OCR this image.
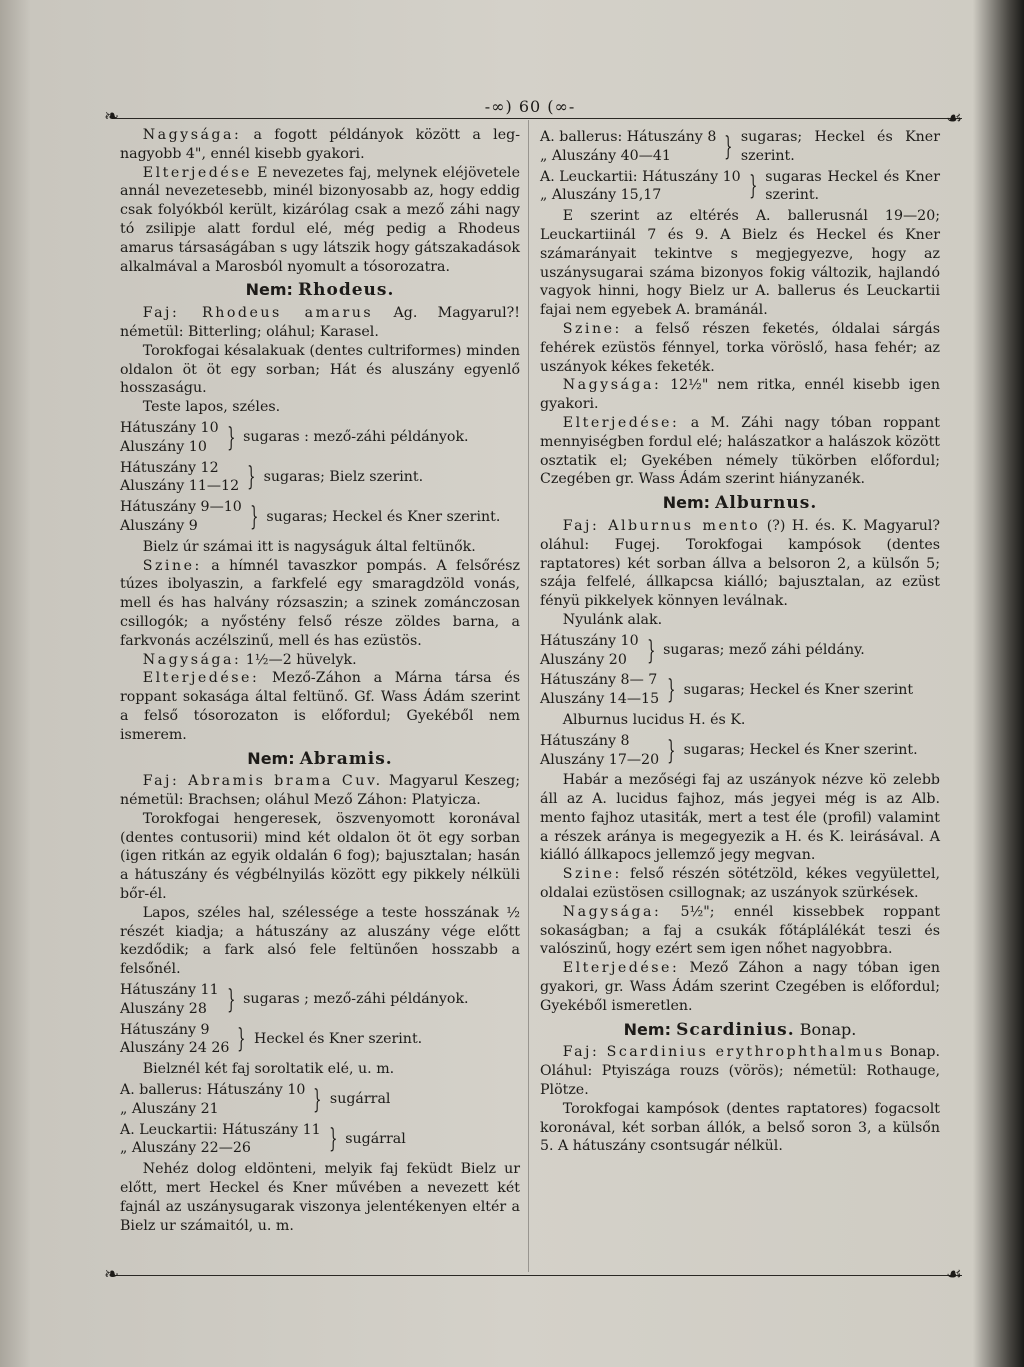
-∞) 60 (∞-
❧	☙
❧	☙

Nagysága: a fogott példányok között a leg-nagyobb 4", ennél kisebb gyakori.

Elterjedése E nevezetes faj, melynek eléjövetele annál nevezetesebb, minél bizonyosabb az, hogy eddig csak folyókból került, kizárólag csak a mező záhi nagy tó zsilipje alatt fordul elé, még pedig a Rhodeus amarus társaságában s ugy látszik hogy gátszakadások alkalmával a Marosból nyomult a tósorozatra.

Nem: Rhodeus.

Faj: Rhodeus amarus Ag. Magyarul?! németül: Bitterling; oláhul; Karasel.

Torokfogai késalakuak (dentes cultriformes) minden oldalon öt öt egy sorban; Hát és aluszány egyenlő hosszaságu.

Teste lapos, széles.

Hátuszány 10
Aluszány 10 } sugaras : mező-záhi példányok.
Hátuszány 12
Aluszány 11—12 } sugaras; Bielz szerint.
Hátuszány 9—10
Aluszány 9	} sugaras; Heckel és Kner szerint.

Bielz úr számai itt is nagyságuk által feltünők.

Szine: a hímnél tavaszkor pompás. A felsőrész túzes ibolyaszin, a farkfelé egy smaragdzöld vonás, mell és has halvány rózsaszin; a szinek zománczosan csillogók; a nyőstény felső része zöldes barna, a farkvonás aczélszinű, mell és has ezüstös.

Nagysága: 1½—2 hüvelyk.

Elterjedése: Mező-Záhon a Márna társa és roppant sokasága által feltünő. Gf. Wass Ádám szerint a felső tósorozaton is előfordul; Gyekéből nem ismerem.

Nem: Abramis.

Faj: Abramis brama Cuv. Magyarul Keszeg; németül: Brachsen; oláhul Mező Záhon: Platyicza.

Torokfogai hengeresek, öszvenyomott koronával (dentes contusorii) mind két oldalon öt öt egy sorban (igen ritkán az egyik oldalán 6 fog); bajusztalan; hasán a hátuszány és végbélnyilás között egy pikkely nélküli bőr-él.

Lapos, széles hal, szélessége a teste hosszának ½ részét kiadja; a hátuszány az aluszány vége előtt kezdődik; a fark alsó fele feltünően hosszabb a felsőnél.

Hátuszány 11
Aluszány 28 } sugaras ; mező-záhi példányok.
Hátuszány 9
Aluszány 24 26 } Heckel és Kner szerint.

Bielznél két faj soroltatik elé, u. m.

A. ballerus: Hátuszány 10
„ Aluszány 21	} sugárral
A. Leuckartii: Hátuszány 11
„ Aluszány 22—26	} sugárral

Nehéz dolog eldönteni, melyik faj feküdt Bielz ur előtt, mert Heckel és Kner művében a nevezett két fajnál az uszánysugarak viszonya jelentékenyen eltér a Bielz ur számaitól, u. m.

A. ballerus: Hátuszány 8
„ Aluszány 40—41	} sugaras; Heckel és Kner szerint.
A. Leuckartii: Hátuszány 10
„ Aluszány 15,17	} sugaras Heckel és Kner szerint.

E szerint az eltérés A. ballerusnál 19—20; Leuckartiinál 7 és 9. A Bielz és Heckel és Kner számarányait tekintve s megjegyezve, hogy az uszánysugarai száma bizonyos fokig változik, hajlandó vagyok hinni, hogy Bielz ur A. ballerus és Leuckartii fajai nem egyebek A. bramánál.

Szine: a felső részen feketés, óldalai sárgás fehérek ezüstös fénnyel, torka vöröslő, hasa fehér; az uszányok kékes feketék.

Nagysága: 12½" nem ritka, ennél kisebb igen gyakori.

Elterjedése: a M. Záhi nagy tóban roppant mennyiségben fordul elé; halászatkor a halászok között osztatik el; Gyekében némely tükörben előfordul; Czegében gr. Wass Ádám szerint hiányzanék.

Nem: Alburnus.

Faj: Alburnus mento (?) H. és. K. Magyarul? oláhul: Fugej. Torokfogai kampósok (dentes raptatores) két sorban állva a belsoron 2, a külsőn 5; szája felfelé, állkapcsa kiálló; bajusztalan, az ezüst fényü pikkelyek könnyen leválnak.

Nyulánk alak.

Hátuszány 10
Aluszány 20 } sugaras; mező záhi példány.
Hátuszány 8— 7
Aluszány 14—15 } sugaras; Heckel és Kner szerint

Alburnus lucidus H. és K.

Hátuszány 8
Aluszány 17—20 } sugaras; Heckel és Kner szerint.

Habár a mezőségi faj az uszányok nézve kö zelebb áll az A. lucidus fajhoz, más jegyei még is az Alb. mento fajhoz utasiták, mert a test éle (profil) valamint a részek aránya is megegyezik a H. és K. leirásával. A kiálló állkapocs jellemző jegy megvan.

Szine: felső részén sötétzöld, kékes vegyülettel, oldalai ezüstösen csillognak; az uszányok szürkések.

Nagysága: 5½"; ennél kissebbek roppant sokaságban; a faj a csukák főtáplálékát teszi és valószinű, hogy ezért sem igen nőhet nagyobbra.

Elterjedése: Mező Záhon a nagy tóban igen gyakori, gr. Wass Ádám szerint Czegében is előfordul; Gyekéből ismeretlen.

Nem: Scardinius. Bonap.

Faj: Scardinius erythrophthalmus Bonap. Oláhul: Ptyiszága rouzs (vörös); németül: Rothauge, Plötze.

Torokfogai kampósok (dentes raptatores) fogacsolt koronával, két sorban állók, a belső soron 3, a külsőn 5. A hátuszány csontsugár nélkül.
